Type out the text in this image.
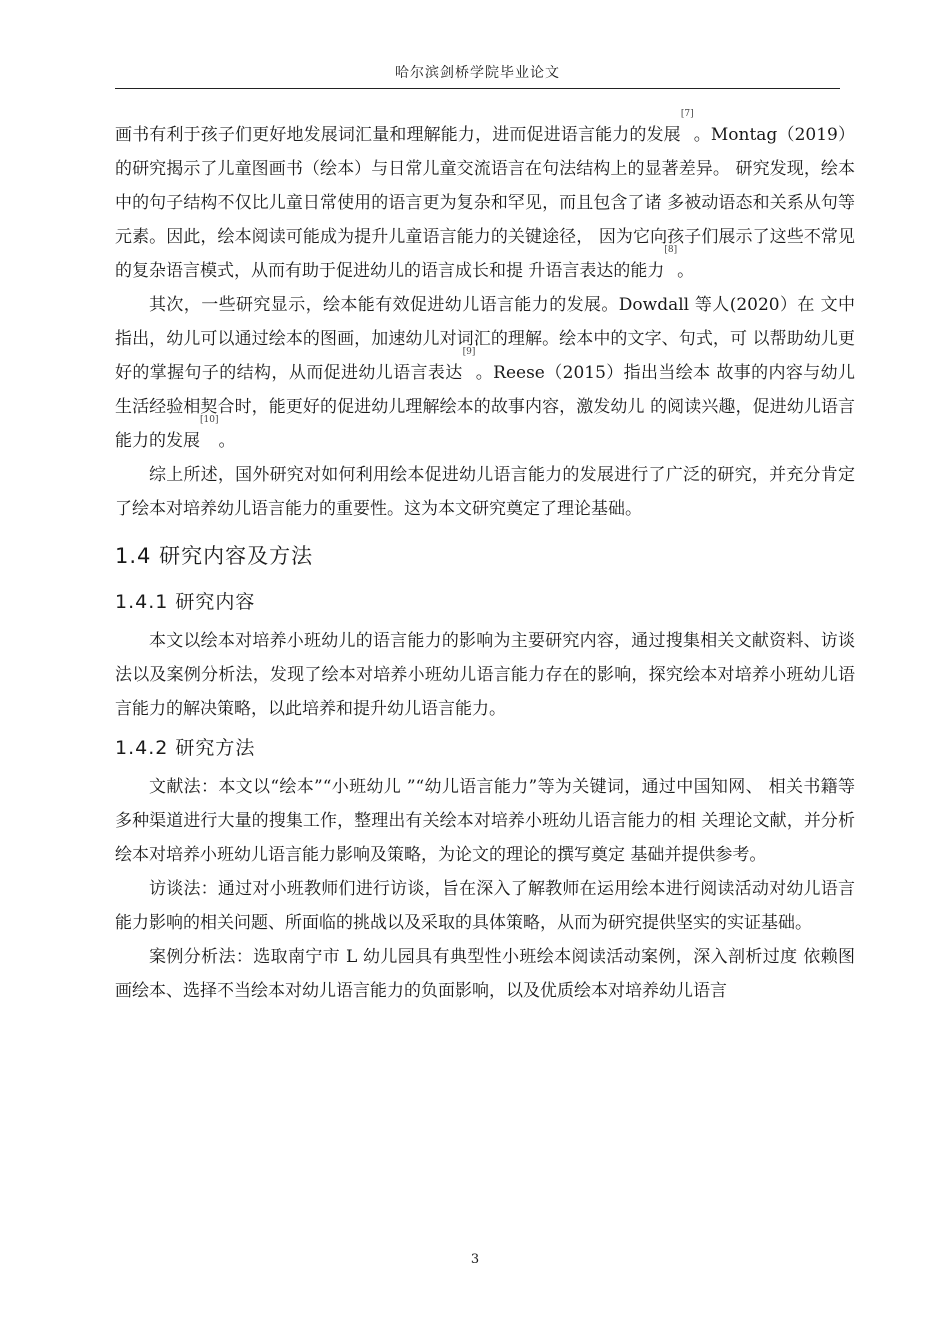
哈尔滨剑桥学院毕业论文

画书有利于孩子们更好地发展词汇量和理解能力，进而促进语言能力的发展[7]。Montag（2019）的研究揭示了儿童图画书（绘本）与日常儿童交流语言在句法结构上的显著差异。 研究发现，绘本中的句子结构不仅比儿童日常使用的语言更为复杂和罕见，而且包含了诸 多被动语态和关系从句等元素。因此，绘本阅读可能成为提升儿童语言能力的关键途径， 因为它向孩子们展示了这些不常见的复杂语言模式，从而有助于促进幼儿的语言成长和提 升语言表达的能力[8]。

其次，一些研究显示，绘本能有效促进幼儿语言能力的发展。Dowdall 等人(2020）在 文中指出，幼儿可以通过绘本的图画，加速幼儿对词汇的理解。绘本中的文字、句式，可 以帮助幼儿更好的掌握句子的结构，从而促进幼儿语言表达[9]。Reese（2015）指出当绘本 故事的内容与幼儿生活经验相契合时，能更好的促进幼儿理解绘本的故事内容，激发幼儿 的阅读兴趣，促进幼儿语言能力的发展[10]。

综上所述，国外研究对如何利用绘本促进幼儿语言能力的发展进行了广泛的研究，并充分肯定了绘本对培养幼儿语言能力的重要性。这为本文研究奠定了理论基础。

1.4 研究内容及方法
1.4.1 研究内容

本文以绘本对培养小班幼儿的语言能力的影响为主要研究内容，通过搜集相关文献资料、访谈法以及案例分析法，发现了绘本对培养小班幼儿语言能力存在的影响，探究绘本对培养小班幼儿语言能力的解决策略，以此培养和提升幼儿语言能力。

1.4.2 研究方法

文献法：本文以“绘本”“小班幼儿 ”“幼儿语言能力”等为关键词，通过中国知网、 相关书籍等多种渠道进行大量的搜集工作，整理出有关绘本对培养小班幼儿语言能力的相 关理论文献，并分析绘本对培养小班幼儿语言能力影响及策略，为论文的理论的撰写奠定 基础并提供参考。

访谈法：通过对小班教师们进行访谈，旨在深入了解教师在运用绘本进行阅读活动对幼儿语言能力影响的相关问题、所面临的挑战以及采取的具体策略，从而为研究提供坚实的实证基础。

案例分析法：选取南宁市 L 幼儿园具有典型性小班绘本阅读活动案例，深入剖析过度 依赖图画绘本、选择不当绘本对幼儿语言能力的负面影响，以及优质绘本对培养幼儿语言

3
